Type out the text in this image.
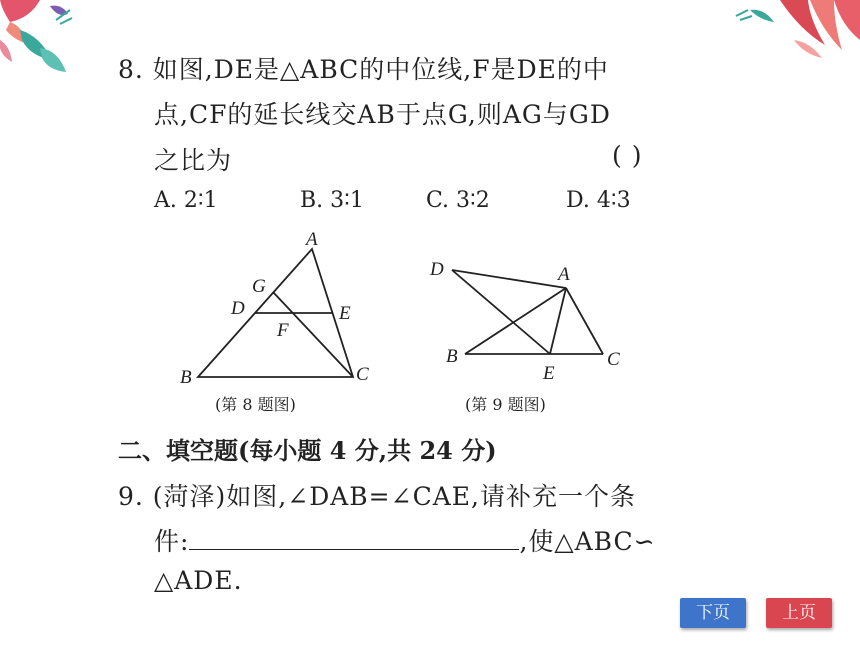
8. 如图,DE是△ABC的中位线,F是DE的中
点,CF的延长线交AB于点G,则AG与GD
之比为	( )
A. 2∶1	B. 3∶1	C. 3∶2	D. 4∶3
A
B	C
D	E
F
G
(第 8 题图)
D	A
B	C
E
(第 9 题图)
二、填空题(每小题 4 分,共 24 分)
9. (菏泽)如图,∠DAB=∠CAE,请补充一个条
件:	,使△ABC∽
△ADE.
下页	上页
